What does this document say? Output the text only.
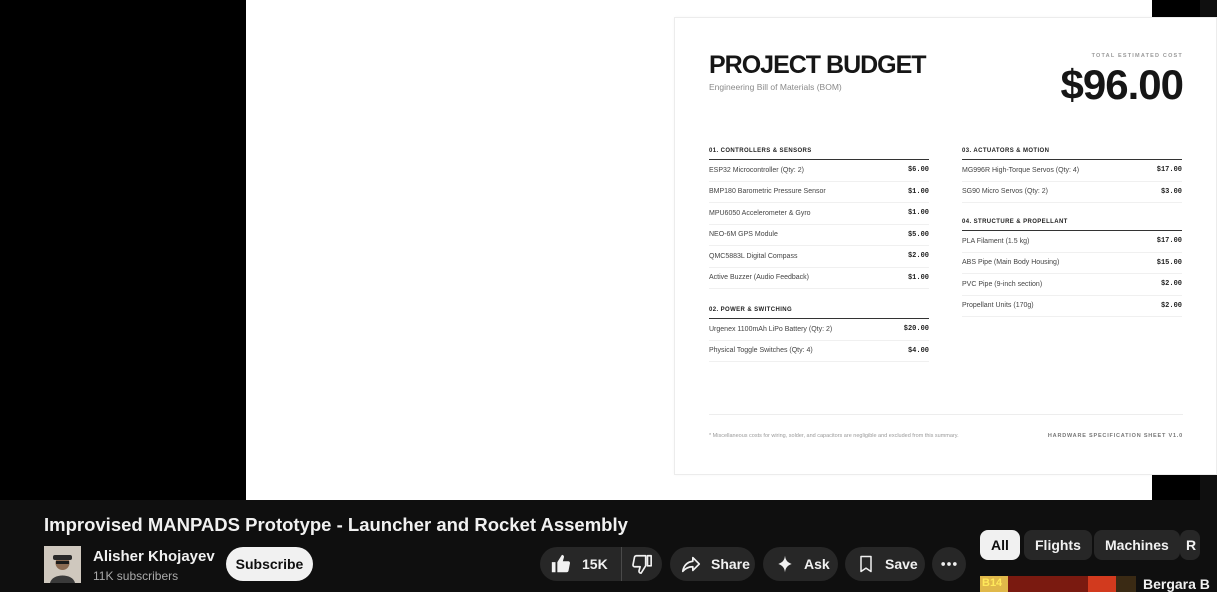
PROJECT BUDGET
Engineering Bill of Materials (BOM)
TOTAL ESTIMATED COST
$96.00
01. CONTROLLERS & SENSORS
ESP32 Microcontroller (Qty: 2)	$6.00
BMP180 Barometric Pressure Sensor	$1.00
MPU6050 Accelerometer & Gyro	$1.00
NEO-6M GPS Module	$5.00
QMC5883L Digital Compass	$2.00
Active Buzzer (Audio Feedback)	$1.00
02. POWER & SWITCHING
Urgenex 1100mAh LiPo Battery (Qty: 2)	$20.00
Physical Toggle Switches (Qty: 4)	$4.00
03. ACTUATORS & MOTION
MG996R High-Torque Servos (Qty: 4)	$17.00
SG90 Micro Servos (Qty: 2)	$3.00
04. STRUCTURE & PROPELLANT
PLA Filament (1.5 kg)	$17.00
ABS Pipe (Main Body Housing)	$15.00
PVC Pipe (9-inch section)	$2.00
Propellant Units (170g)	$2.00
* Miscellaneous costs for wiring, solder, and capacitors are negligible and excluded from this summary.	HARDWARE SPECIFICATION SHEET V1.0
Improvised MANPADS Prototype - Launcher and Rocket Assembly
Alisher Khojayev
11K subscribers
Subscribe	15K	Share	Ask	Save
All	Flights	Machines	R
B14	Bergara B
